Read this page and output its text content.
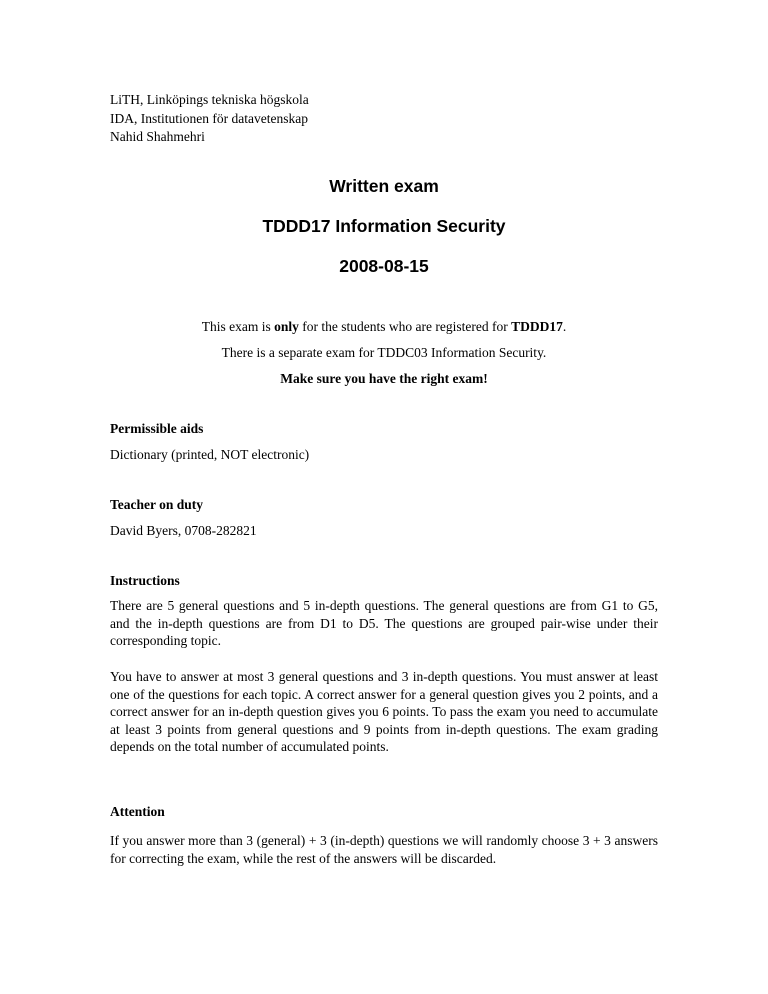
LiTH, Linköpings tekniska högskola
IDA, Institutionen för datavetenskap
Nahid Shahmehri
Written exam
TDDD17 Information Security
2008-08-15
This exam is only for the students who are registered for TDDD17.
There is a separate exam for TDDC03 Information Security.
Make sure you have the right exam!
Permissible aids
Dictionary (printed, NOT electronic)
Teacher on duty
David Byers, 0708-282821
Instructions
There are 5 general questions and 5 in-depth questions. The general questions are from G1 to G5, and the in-depth questions are from D1 to D5. The questions are grouped pair-wise under their corresponding topic.
You have to answer at most 3 general questions and 3 in-depth questions. You must answer at least one of the questions for each topic. A correct answer for a general question gives you 2 points, and a correct answer for an in-depth question gives you 6 points. To pass the exam you need to accumulate at least 3 points from general questions and 9 points from in-depth questions. The exam grading depends on the total number of accumulated points.
Attention
If you answer more than 3 (general) + 3 (in-depth) questions we will randomly choose 3 + 3 answers for correcting the exam, while the rest of the answers will be discarded.
